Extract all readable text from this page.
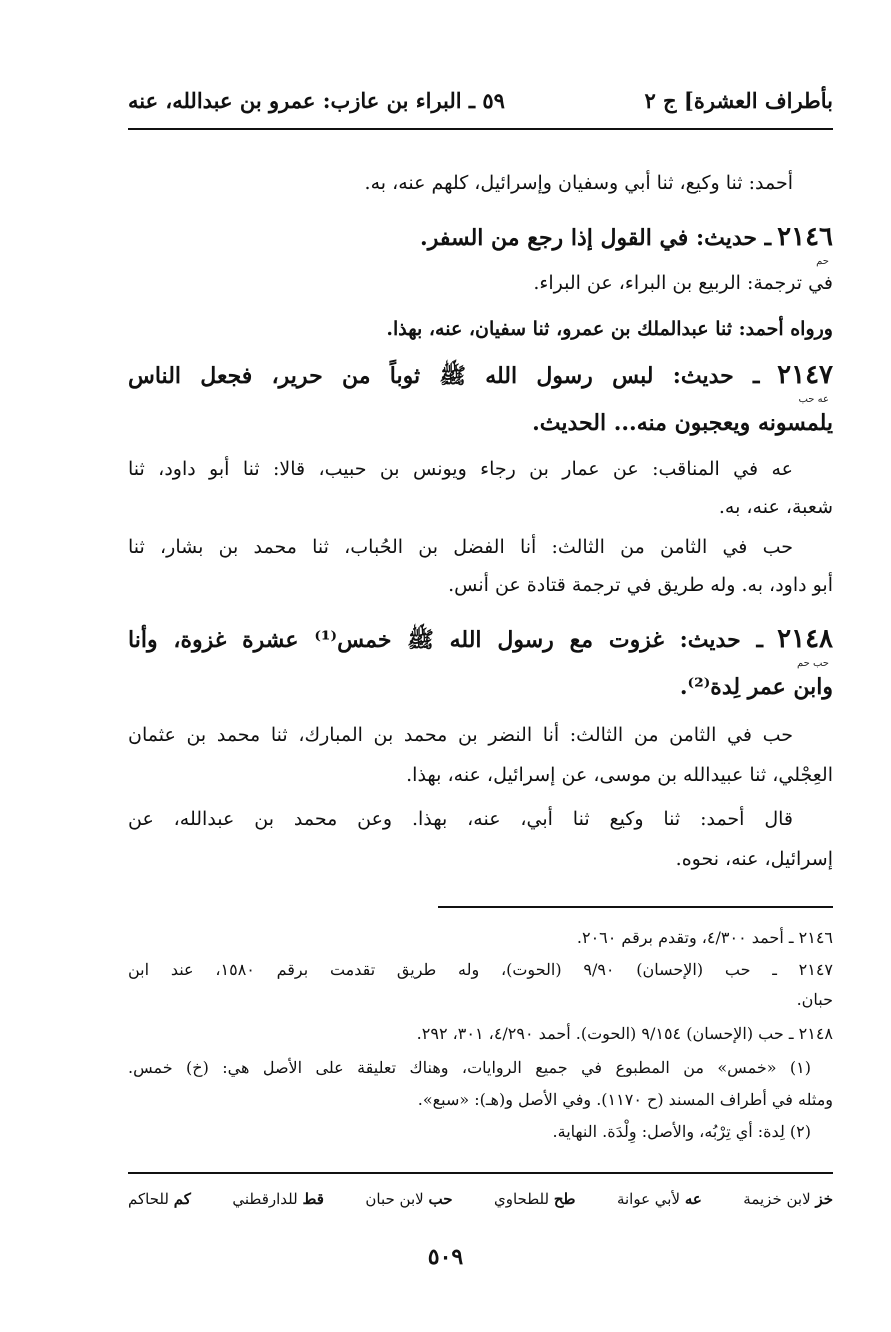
بأطراف العشرة] ج ٢
٥٩ ـ البراء بن عازب: عمرو بن عبدالله، عنه
أحمد: ثنا وكيع، ثنا أبي وسفيان وإسرائيل، كلهم عنه، به.
٢١٤٦ ـ حديث: في القول إذا رجع من السفر.
حم
في ترجمة: الربيع بن البراء، عن البراء.
ورواه أحمد: ثنا عبدالملك بن عمرو، ثنا سفيان، عنه، بهذا.
٢١٤٧ ـ حديث: لبس رسول الله ﷺ ثوباً من حرير، فجعل الناس
عه حب
يلمسونه ويعجبون منه... الحديث.
عه في المناقب: عن عمار بن رجاء ويونس بن حبيب، قالا: ثنا أبو داود، ثنا
شعبة، عنه، به.
حب في الثامن من الثالث: أنا الفضل بن الحُباب، ثنا محمد بن بشار، ثنا
أبو داود، به. وله طريق في ترجمة قتادة عن أنس.
٢١٤٨ ـ حديث: غزوت مع رسول الله ﷺ خمس⁽¹⁾ عشرة غزوة، وأنا
حب حم
وابن عمر لِدة⁽²⁾.
حب في الثامن من الثالث: أنا النضر بن محمد بن المبارك، ثنا محمد بن عثمان
العِجْلي، ثنا عبيدالله بن موسى، عن إسرائيل، عنه، بهذا.
قال أحمد: ثنا وكيع ثنا أبي، عنه، بهذا. وعن محمد بن عبدالله، عن
إسرائيل، عنه، نحوه.
٢١٤٦ ـ أحمد ٤/٣٠٠، وتقدم برقم ٢٠٦٠.
٢١٤٧ ـ حب (الإحسان) ٩/٩٠ (الحوت)، وله طريق تقدمت برقم ١٥٨٠، عند ابن
حبان.
٢١٤٨ ـ حب (الإحسان) ٩/١٥٤ (الحوت). أحمد ٤/٢٩٠، ٣٠١، ٢٩٢.
(١) «خمس» من المطبوع في جميع الروايات، وهناك تعليقة على الأصل هي: (خ) خمس.
ومثله في أطراف المسند (ح ١١٧٠). وفي الأصل و(هـ): «سبع».
(٢) لِدة: أي تِرْبُه، والأصل: وِلْدَة. النهاية.
خز لابن خزيمة
عه لأبي عوانة
طح للطحاوي
حب لابن حبان
قط للدارقطني
كم للحاكم
٥٠٩
